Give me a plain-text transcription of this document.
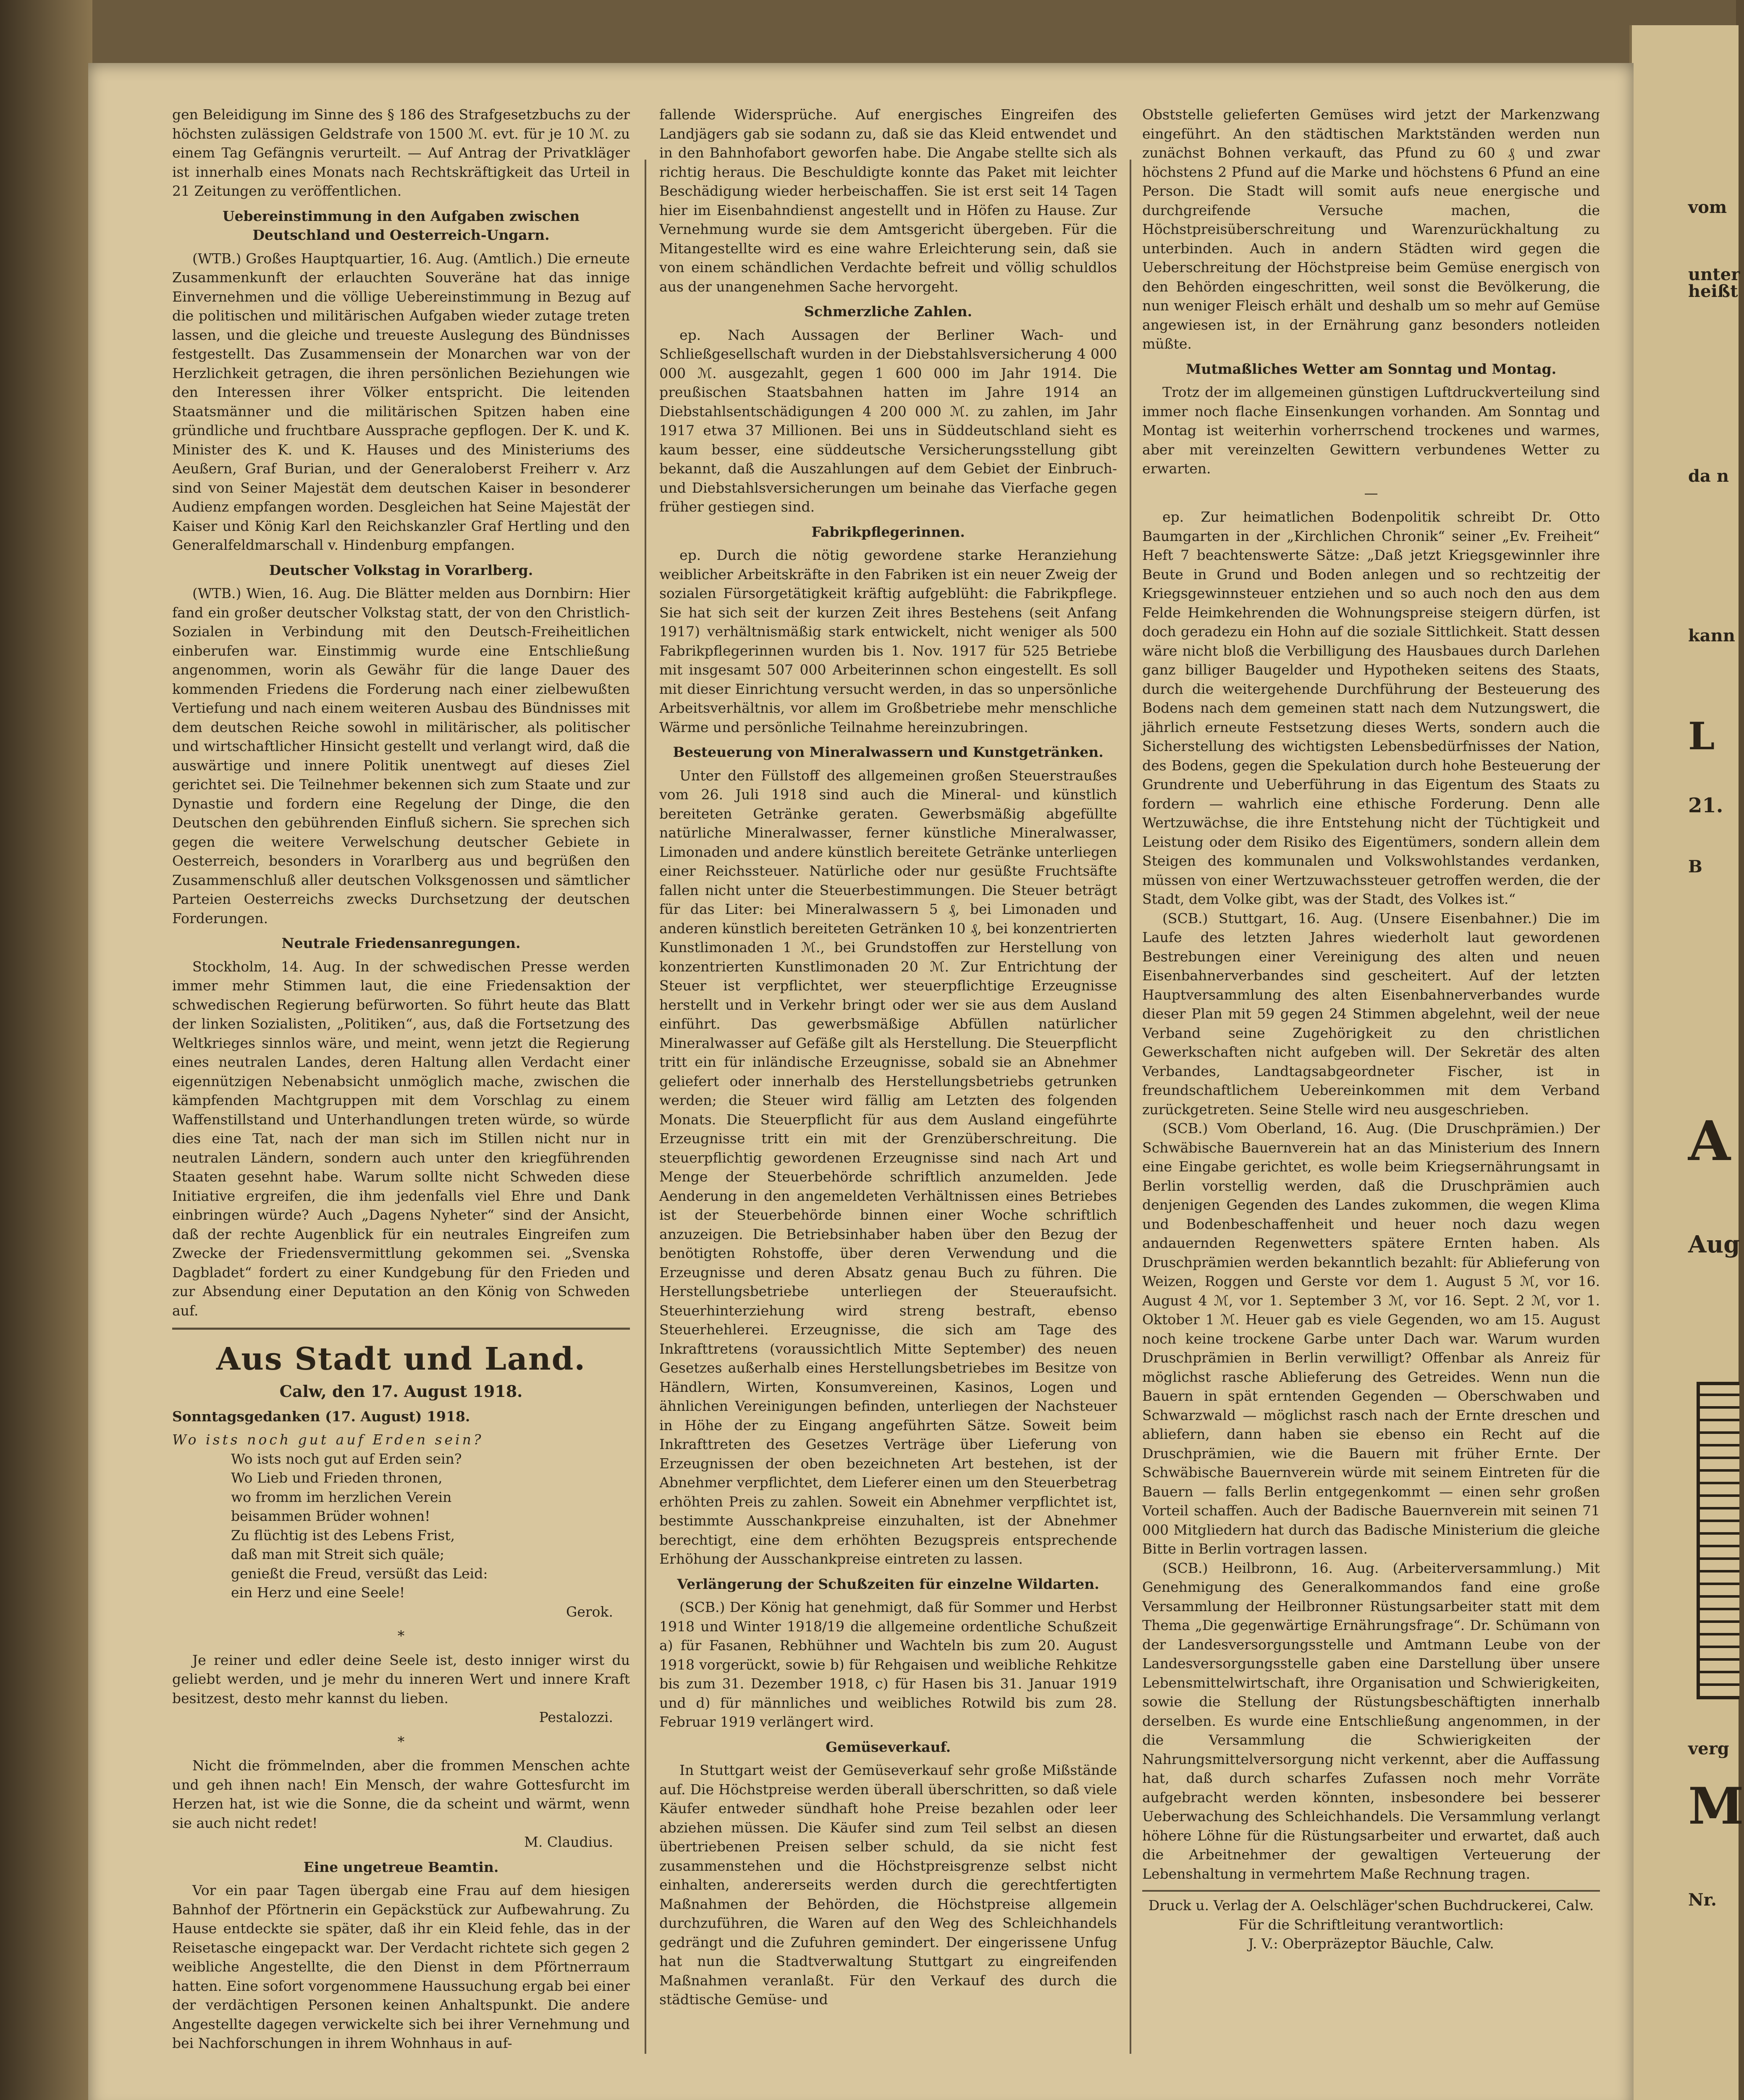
gen Beleidigung im Sinne des § 186 des Strafgesetzbuchs zu der höchsten zulässigen Geldstrafe von 1500 ℳ. evt. für je 10 ℳ. zu einem Tag Gefängnis verurteilt. — Auf Antrag der Privatkläger ist innerhalb eines Monats nach Rechtskräftigkeit das Urteil in 21 Zeitungen zu veröffentlichen.

Uebereinstimmung in den Aufgaben zwischen Deutschland und Oesterreich-Ungarn.

(WTB.) Großes Hauptquartier, 16. Aug. (Amtlich.) Die erneute Zusammenkunft der erlauchten Souveräne hat das innige Einvernehmen und die völlige Uebereinstimmung in Bezug auf die politischen und militärischen Aufgaben wieder zutage treten lassen, und die gleiche und treueste Auslegung des Bündnisses festgestellt. Das Zusammensein der Monarchen war von der Herzlichkeit getragen, die ihren persönlichen Beziehungen wie den Interessen ihrer Völker entspricht. Die leitenden Staatsmänner und die militärischen Spitzen haben eine gründliche und fruchtbare Aussprache gepflogen. Der K. und K. Minister des K. und K. Hauses und des Ministeriums des Aeußern, Graf Burian, und der Generaloberst Freiherr v. Arz sind von Seiner Majestät dem deutschen Kaiser in besonderer Audienz empfangen worden. Desgleichen hat Seine Majestät der Kaiser und König Karl den Reichskanzler Graf Hertling und den Generalfeldmarschall v. Hindenburg empfangen.

Deutscher Volkstag in Vorarlberg.

(WTB.) Wien, 16. Aug. Die Blätter melden aus Dornbirn: Hier fand ein großer deutscher Volkstag statt, der von den Christlich-Sozialen in Verbindung mit den Deutsch-Freiheitlichen einberufen war. Einstimmig wurde eine Entschließung angenommen, worin als Gewähr für die lange Dauer des kommenden Friedens die Forderung nach einer zielbewußten Vertiefung und nach einem weiteren Ausbau des Bündnisses mit dem deutschen Reiche sowohl in militärischer, als politischer und wirtschaftlicher Hinsicht gestellt und verlangt wird, daß die auswärtige und innere Politik unentwegt auf dieses Ziel gerichtet sei. Die Teilnehmer bekennen sich zum Staate und zur Dynastie und fordern eine Regelung der Dinge, die den Deutschen den gebührenden Einfluß sichern. Sie sprechen sich gegen die weitere Verwelschung deutscher Gebiete in Oesterreich, besonders in Vorarlberg aus und begrüßen den Zusammenschluß aller deutschen Volksgenossen und sämtlicher Parteien Oesterreichs zwecks Durchsetzung der deutschen Forderungen.

Neutrale Friedensanregungen.

Stockholm, 14. Aug. In der schwedischen Presse werden immer mehr Stimmen laut, die eine Friedensaktion der schwedischen Regierung befürworten. So führt heute das Blatt der linken Sozialisten, „Politiken“, aus, daß die Fortsetzung des Weltkrieges sinnlos wäre, und meint, wenn jetzt die Regierung eines neutralen Landes, deren Haltung allen Verdacht einer eigennützigen Nebenabsicht unmöglich mache, zwischen die kämpfenden Machtgruppen mit dem Vorschlag zu einem Waffenstillstand und Unterhandlungen treten würde, so würde dies eine Tat, nach der man sich im Stillen nicht nur in neutralen Ländern, sondern auch unter den kriegführenden Staaten gesehnt habe. Warum sollte nicht Schweden diese Initiative ergreifen, die ihm jedenfalls viel Ehre und Dank einbringen würde? Auch „Dagens Nyheter“ sind der Ansicht, daß der rechte Augenblick für ein neutrales Eingreifen zum Zwecke der Friedensvermittlung gekommen sei. „Svenska Dagbladet“ fordert zu einer Kundgebung für den Frieden und zur Absendung einer Deputation an den König von Schweden auf.

Aus Stadt und Land.
Calw, den 17. August 1918.
Sonntagsgedanken (17. August) 1918.

Wo ists noch gut auf Erden sein?

Wo ists noch gut auf Erden sein?

Wo Lieb und Frieden thronen,

wo fromm im herzlichen Verein

beisammen Brüder wohnen!

Zu flüchtig ist des Lebens Frist,

daß man mit Streit sich quäle;

genießt die Freud, versüßt das Leid:

ein Herz und eine Seele!

Gerok.

*

Je reiner und edler deine Seele ist, desto inniger wirst du geliebt werden, und je mehr du inneren Wert und innere Kraft besitzest, desto mehr kannst du lieben.

Pestalozzi.

*

Nicht die frömmelnden, aber die frommen Menschen achte und geh ihnen nach! Ein Mensch, der wahre Gottesfurcht im Herzen hat, ist wie die Sonne, die da scheint und wärmt, wenn sie auch nicht redet!

M. Claudius.

Eine ungetreue Beamtin.

Vor ein paar Tagen übergab eine Frau auf dem hiesigen Bahnhof der Pförtnerin ein Gepäckstück zur Aufbewahrung. Zu Hause entdeckte sie später, daß ihr ein Kleid fehle, das in der Reisetasche eingepackt war. Der Verdacht richtete sich gegen 2 weibliche Angestellte, die den Dienst in dem Pförtnerraum hatten. Eine sofort vorgenommene Haussuchung ergab bei einer der verdächtigen Personen keinen Anhaltspunkt. Die andere Angestellte dagegen verwickelte sich bei ihrer Vernehmung und bei Nachforschungen in ihrem Wohnhaus in auf-

fallende Widersprüche. Auf energisches Eingreifen des Landjägers gab sie sodann zu, daß sie das Kleid entwendet und in den Bahnhofabort geworfen habe. Die Angabe stellte sich als richtig heraus. Die Beschuldigte konnte das Paket mit leichter Beschädigung wieder herbeischaffen. Sie ist erst seit 14 Tagen hier im Eisenbahndienst angestellt und in Höfen zu Hause. Zur Vernehmung wurde sie dem Amtsgericht übergeben. Für die Mitangestellte wird es eine wahre Erleichterung sein, daß sie von einem schändlichen Verdachte befreit und völlig schuldlos aus der unangenehmen Sache hervorgeht.

Schmerzliche Zahlen.

ep. Nach Aussagen der Berliner Wach- und Schließgesellschaft wurden in der Diebstahlsversicherung 4 000 000 ℳ. ausgezahlt, gegen 1 600 000 im Jahr 1914. Die preußischen Staatsbahnen hatten im Jahre 1914 an Diebstahlsentschädigungen 4 200 000 ℳ. zu zahlen, im Jahr 1917 etwa 37 Millionen. Bei uns in Süddeutschland sieht es kaum besser, eine süddeutsche Versicherungsstellung gibt bekannt, daß die Auszahlungen auf dem Gebiet der Einbruch- und Diebstahlsversicherungen um beinahe das Vierfache gegen früher gestiegen sind.

Fabrikpflegerinnen.

ep. Durch die nötig gewordene starke Heranziehung weiblicher Arbeitskräfte in den Fabriken ist ein neuer Zweig der sozialen Fürsorgetätigkeit kräftig aufgeblüht: die Fabrikpflege. Sie hat sich seit der kurzen Zeit ihres Bestehens (seit Anfang 1917) verhältnismäßig stark entwickelt, nicht weniger als 500 Fabrikpflegerinnen wurden bis 1. Nov. 1917 für 525 Betriebe mit insgesamt 507 000 Arbeiterinnen schon eingestellt. Es soll mit dieser Einrichtung versucht werden, in das so unpersönliche Arbeitsverhältnis, vor allem im Großbetriebe mehr menschliche Wärme und persönliche Teilnahme hereinzubringen.

Besteuerung von Mineralwassern und Kunstgetränken.

Unter den Füllstoff des allgemeinen großen Steuerstraußes vom 26. Juli 1918 sind auch die Mineral- und künstlich bereiteten Getränke geraten. Gewerbsmäßig abgefüllte natürliche Mineralwasser, ferner künstliche Mineralwasser, Limonaden und andere künstlich bereitete Getränke unterliegen einer Reichssteuer. Natürliche oder nur gesüßte Fruchtsäfte fallen nicht unter die Steuerbestimmungen. Die Steuer beträgt für das Liter: bei Mineralwassern 5 ₰, bei Limonaden und anderen künstlich bereiteten Getränken 10 ₰, bei konzentrierten Kunstlimonaden 1 ℳ., bei Grundstoffen zur Herstellung von konzentrierten Kunstlimonaden 20 ℳ. Zur Entrichtung der Steuer ist verpflichtet, wer steuerpflichtige Erzeugnisse herstellt und in Verkehr bringt oder wer sie aus dem Ausland einführt. Das gewerbsmäßige Abfüllen natürlicher Mineralwasser auf Gefäße gilt als Herstellung. Die Steuerpflicht tritt ein für inländische Erzeugnisse, sobald sie an Abnehmer geliefert oder innerhalb des Herstellungsbetriebs getrunken werden; die Steuer wird fällig am Letzten des folgenden Monats. Die Steuerpflicht für aus dem Ausland eingeführte Erzeugnisse tritt ein mit der Grenzüberschreitung. Die steuerpflichtig gewordenen Erzeugnisse sind nach Art und Menge der Steuerbehörde schriftlich anzumelden. Jede Aenderung in den angemeldeten Verhältnissen eines Betriebes ist der Steuerbehörde binnen einer Woche schriftlich anzuzeigen. Die Betriebsinhaber haben über den Bezug der benötigten Rohstoffe, über deren Verwendung und die Erzeugnisse und deren Absatz genau Buch zu führen. Die Herstellungsbetriebe unterliegen der Steueraufsicht. Steuerhinterziehung wird streng bestraft, ebenso Steuerhehlerei. Erzeugnisse, die sich am Tage des Inkrafttretens (voraussichtlich Mitte September) des neuen Gesetzes außerhalb eines Herstellungsbetriebes im Besitze von Händlern, Wirten, Konsumvereinen, Kasinos, Logen und ähnlichen Vereinigungen befinden, unterliegen der Nachsteuer in Höhe der zu Eingang angeführten Sätze. Soweit beim Inkrafttreten des Gesetzes Verträge über Lieferung von Erzeugnissen der oben bezeichneten Art bestehen, ist der Abnehmer verpflichtet, dem Lieferer einen um den Steuerbetrag erhöhten Preis zu zahlen. Soweit ein Abnehmer verpflichtet ist, bestimmte Ausschankpreise einzuhalten, ist der Abnehmer berechtigt, eine dem erhöhten Bezugspreis entsprechende Erhöhung der Ausschankpreise eintreten zu lassen.

Verlängerung der Schußzeiten für einzelne Wildarten.

(SCB.) Der König hat genehmigt, daß für Sommer und Herbst 1918 und Winter 1918/19 die allgemeine ordentliche Schußzeit a) für Fasanen, Rebhühner und Wachteln bis zum 20. August 1918 vorgerückt, sowie b) für Rehgaisen und weibliche Rehkitze bis zum 31. Dezember 1918, c) für Hasen bis 31. Januar 1919 und d) für männliches und weibliches Rotwild bis zum 28. Februar 1919 verlängert wird.

Gemüseverkauf.

In Stuttgart weist der Gemüseverkauf sehr große Mißstände auf. Die Höchstpreise werden überall überschritten, so daß viele Käufer entweder sündhaft hohe Preise bezahlen oder leer abziehen müssen. Die Käufer sind zum Teil selbst an diesen übertriebenen Preisen selber schuld, da sie nicht fest zusammenstehen und die Höchstpreisgrenze selbst nicht einhalten, andererseits werden durch die gerechtfertigten Maßnahmen der Behörden, die Höchstpreise allgemein durchzuführen, die Waren auf den Weg des Schleichhandels gedrängt und die Zufuhren gemindert. Der eingerissene Unfug hat nun die Stadtverwaltung Stuttgart zu eingreifenden Maßnahmen veranlaßt. Für den Verkauf des durch die städtische Gemüse- und

Obststelle gelieferten Gemüses wird jetzt der Markenzwang eingeführt. An den städtischen Marktständen werden nun zunächst Bohnen verkauft, das Pfund zu 60 ₰ und zwar höchstens 2 Pfund auf die Marke und höchstens 6 Pfund an eine Person. Die Stadt will somit aufs neue energische und durchgreifende Versuche machen, die Höchstpreisüberschreitung und Warenzurückhaltung zu unterbinden. Auch in andern Städten wird gegen die Ueberschreitung der Höchstpreise beim Gemüse energisch von den Behörden eingeschritten, weil sonst die Bevölkerung, die nun weniger Fleisch erhält und deshalb um so mehr auf Gemüse angewiesen ist, in der Ernährung ganz besonders notleiden müßte.

Mutmaßliches Wetter am Sonntag und Montag.

Trotz der im allgemeinen günstigen Luftdruckverteilung sind immer noch flache Einsenkungen vorhanden. Am Sonntag und Montag ist weiterhin vorherrschend trockenes und warmes, aber mit vereinzelten Gewittern verbundenes Wetter zu erwarten.

—

ep. Zur heimatlichen Bodenpolitik schreibt Dr. Otto Baumgarten in der „Kirchlichen Chronik“ seiner „Ev. Freiheit“ Heft 7 beachtenswerte Sätze: „Daß jetzt Kriegsgewinnler ihre Beute in Grund und Boden anlegen und so rechtzeitig der Kriegsgewinnsteuer entziehen und so auch noch den aus dem Felde Heimkehrenden die Wohnungspreise steigern dürfen, ist doch geradezu ein Hohn auf die soziale Sittlichkeit. Statt dessen wäre nicht bloß die Verbilligung des Hausbaues durch Darlehen ganz billiger Baugelder und Hypotheken seitens des Staats, durch die weitergehende Durchführung der Besteuerung des Bodens nach dem gemeinen statt nach dem Nutzungswert, die jährlich erneute Festsetzung dieses Werts, sondern auch die Sicherstellung des wichtigsten Lebensbedürfnisses der Nation, des Bodens, gegen die Spekulation durch hohe Besteuerung der Grundrente und Ueberführung in das Eigentum des Staats zu fordern — wahrlich eine ethische Forderung. Denn alle Wertzuwächse, die ihre Entstehung nicht der Tüchtigkeit und Leistung oder dem Risiko des Eigentümers, sondern allein dem Steigen des kommunalen und Volkswohlstandes verdanken, müssen von einer Wertzuwachssteuer getroffen werden, die der Stadt, dem Volke gibt, was der Stadt, des Volkes ist.“

(SCB.) Stuttgart, 16. Aug. (Unsere Eisenbahner.) Die im Laufe des letzten Jahres wiederholt laut gewordenen Bestrebungen einer Vereinigung des alten und neuen Eisenbahnerverbandes sind gescheitert. Auf der letzten Hauptversammlung des alten Eisenbahnerverbandes wurde dieser Plan mit 59 gegen 24 Stimmen abgelehnt, weil der neue Verband seine Zugehörigkeit zu den christlichen Gewerkschaften nicht aufgeben will. Der Sekretär des alten Verbandes, Landtagsabgeordneter Fischer, ist in freundschaftlichem Uebereinkommen mit dem Verband zurückgetreten. Seine Stelle wird neu ausgeschrieben.

(SCB.) Vom Oberland, 16. Aug. (Die Druschprämien.) Der Schwäbische Bauernverein hat an das Ministerium des Innern eine Eingabe gerichtet, es wolle beim Kriegsernährungsamt in Berlin vorstellig werden, daß die Druschprämien auch denjenigen Gegenden des Landes zukommen, die wegen Klima und Bodenbeschaffenheit und heuer noch dazu wegen andauernden Regenwetters spätere Ernten haben. Als Druschprämien werden bekanntlich bezahlt: für Ablieferung von Weizen, Roggen und Gerste vor dem 1. August 5 ℳ, vor 16. August 4 ℳ, vor 1. September 3 ℳ, vor 16. Sept. 2 ℳ, vor 1. Oktober 1 ℳ. Heuer gab es viele Gegenden, wo am 15. August noch keine trockene Garbe unter Dach war. Warum wurden Druschprämien in Berlin verwilligt? Offenbar als Anreiz für möglichst rasche Ablieferung des Getreides. Wenn nun die Bauern in spät erntenden Gegenden — Oberschwaben und Schwarzwald — möglichst rasch nach der Ernte dreschen und abliefern, dann haben sie ebenso ein Recht auf die Druschprämien, wie die Bauern mit früher Ernte. Der Schwäbische Bauernverein würde mit seinem Eintreten für die Bauern — falls Berlin entgegenkommt — einen sehr großen Vorteil schaffen. Auch der Badische Bauernverein mit seinen 71 000 Mitgliedern hat durch das Badische Ministerium die gleiche Bitte in Berlin vortragen lassen.

(SCB.) Heilbronn, 16. Aug. (Arbeiterversammlung.) Mit Genehmigung des Generalkommandos fand eine große Versammlung der Heilbronner Rüstungsarbeiter statt mit dem Thema „Die gegenwärtige Ernährungsfrage“. Dr. Schümann von der Landesversorgungsstelle und Amtmann Leube von der Landesversorgungsstelle gaben eine Darstellung über unsere Lebensmittelwirtschaft, ihre Organisation und Schwierigkeiten, sowie die Stellung der Rüstungsbeschäftigten innerhalb derselben. Es wurde eine Entschließung angenommen, in der die Versammlung die Schwierigkeiten der Nahrungsmittelversorgung nicht verkennt, aber die Auffassung hat, daß durch scharfes Zufassen noch mehr Vorräte aufgebracht werden könnten, insbesondere bei besserer Ueberwachung des Schleichhandels. Die Versammlung verlangt höhere Löhne für die Rüstungsarbeiter und erwartet, daß auch die Arbeitnehmer der gewaltigen Verteuerung der Lebenshaltung in vermehrtem Maße Rechnung tragen.

Druck u. Verlag der A. Oelschläger'schen Buchdruckerei, Calw.

Für die Schriftleitung verantwortlich:

J. V.: Oberpräzeptor Bäuchle, Calw.

vom
unter
heißt
da n
kann
L
21.
B
A
Aug
verg
M
Nr.
